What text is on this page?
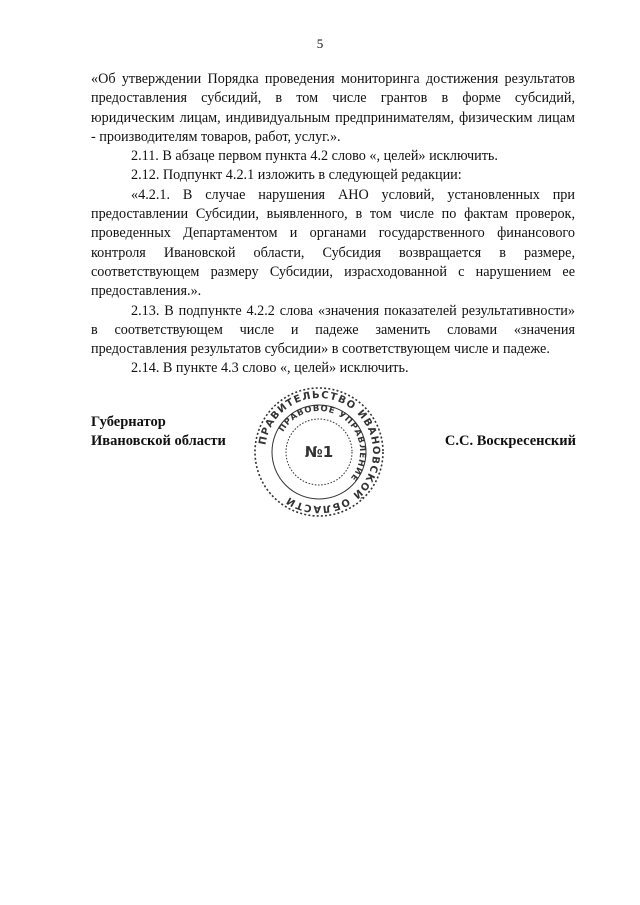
5

«Об утверждении Порядка проведения мониторинга достижения результатов предоставления субсидий, в том числе грантов в форме субсидий, юридическим лицам, индивидуальным предпринимателям, физическим лицам - производителям товаров, работ, услуг.».

2.11. В абзаце первом пункта 4.2 слово «, целей» исключить.

2.12. Подпункт 4.2.1 изложить в следующей редакции:

«4.2.1. В случае нарушения АНО условий, установленных при предоставлении Субсидии, выявленного, в том числе по фактам проверок, проведенных Департаментом и органами государственного финансового контроля Ивановской области, Субсидия возвращается в размере, соответствующем размеру Субсидии, израсходованной с нарушением ее предоставления.».

2.13. В подпункте 4.2.2 слова «значения показателей результативности» в соответствующем числе и падеже заменить словами «значения предоставления результатов субсидии» в соответствующем числе и падеже.

2.14. В пункте 4.3 слово «, целей» исключить.

Губернатор
Ивановской области	ПРАВИТЕЛЬСТВО ИВАНОВСКОЙ ОБЛАСТИ
ПРАВОВОЕ УПРАВЛЕНИЕ
№1
С.С. Воскресенский
